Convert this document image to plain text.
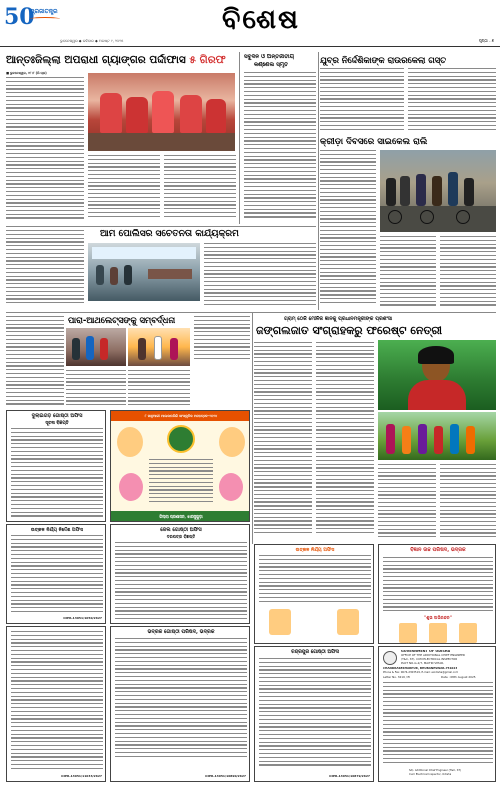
50
ପ୍ରଜାତନ୍ତ୍ର
ଭୁବନେଶ୍ୱର ◆ ରବିବାର ◆ ଅଗଷ୍ଟ ୯, ୨୦୨୫
ବିଶେଷ
ପୃଷ୍ଠା - ୭
ଆନ୍ତଃଜିଲ୍ଲା ଅପରାଧୀ ଗ୍ୟାଙ୍ଗର ପର୍ଦ୍ଦାଫାସ ୫ ଗିରଫ
■ ଭୁବନେଶ୍ୱର, ୧୮।୮ (ନି.ପ୍ର)
ସବୁଦିନ ଓ ଅନ୍ତର୍ଜାତୀୟ
କର୍ଣ୍ଣେଲ ସ୍ମୃତି	ଯୁବ୍ର ନିର୍ଦ୍ଦେଶିକାଙ୍କ ରାଉରକେଲା ଗସ୍ତ
କ୍ରୀଡ଼ା ଦିବସରେ ସାଇକେଲ ରାଲି
ଆମ ପୋଲିସର ସଚେତନତା କାର୍ଯ୍ୟକ୍ରମ
ପାରା-ଆଥଲେଟ୍ସଙ୍କୁ ସମ୍ବର୍ଦ୍ଧନା	ଗ୍ରାମ୍ ଠେକି ମୌଳିକ ଜ୍ଞାନକୁ ପ୍ରଧାନମନ୍ତ୍ରୀଙ୍କ ପ୍ରଶଂସା
ଜଙ୍ଗଲଜାତ ସଂଗ୍ରାହକରୁ ଫରେଷ୍ଟ ନେତ୍ରୀ
ଦୁଲାଇଗଡ଼ ଗୋଷ୍ଠୀ ଅଫିସ
ସୂଚନା ବିଜ୍ଞପ୍ତି
୮ ଜାନୁଆରୀ ମାଲକାନଗିରି ସାଂସ୍କୃତିକ ମହୋତ୍ସବ-୨୦୨୪
ଜିଲ୍ଲା ପ୍ରଶାସନ, ଝାରସୁଗୁଡ଼ା
ଉତ୍କଳ ନିର୍ଯ୍ୟ ନିର୍ଦ୍ଦେଶ ଅଫିସ
OIPR-13051/1050/2627
ଜେଲ ଗୋଷ୍ଠୀ ଅଫିସ
ଦରପତ୍ର ବିଜ୍ଞପ୍ତି
ଉତ୍କଳ ନିର୍ଯ୍ୟ ଅଫିସ	ବିଜ୍ଞାନ ଉଚ୍ଚ ପରିଷଦ, ଭଦ୍ରକ
"ଶୁଭ ଅଭିନନ୍ଦନ"
OIPR-13051/11033/2627
ଭଦ୍ରକ ଗୋଷ୍ଠୀ ପରିଷଦ, ଭଦ୍ରକ
OIPR-13051/10890/2627
ଚନ୍ଦ୍ରପୁର ଗୋଷ୍ଠୀ ଅଫିସ
OIPR-13051/10879/2627
GOVERNMENT OF ODISHA
OFFICE OF THE ADDITIONAL CHIEF ENGINEER
(T&C, ST), CUM ELECTRICAL INSPECTOR
PLOT NO-G-2/7, MAITRI VIHAR,
CHANDRASEKHARPUR, BHUBANESWAR-751023
Phone & Fax: 0674-2303519, E-mail: eiodisha@gmail.com
Letter No. 3219 / EI	Date : 08th August 2025
Sd/- Additional Chief Engineer (T&C, ST)
Cum Electrical Inspector, Odisha
